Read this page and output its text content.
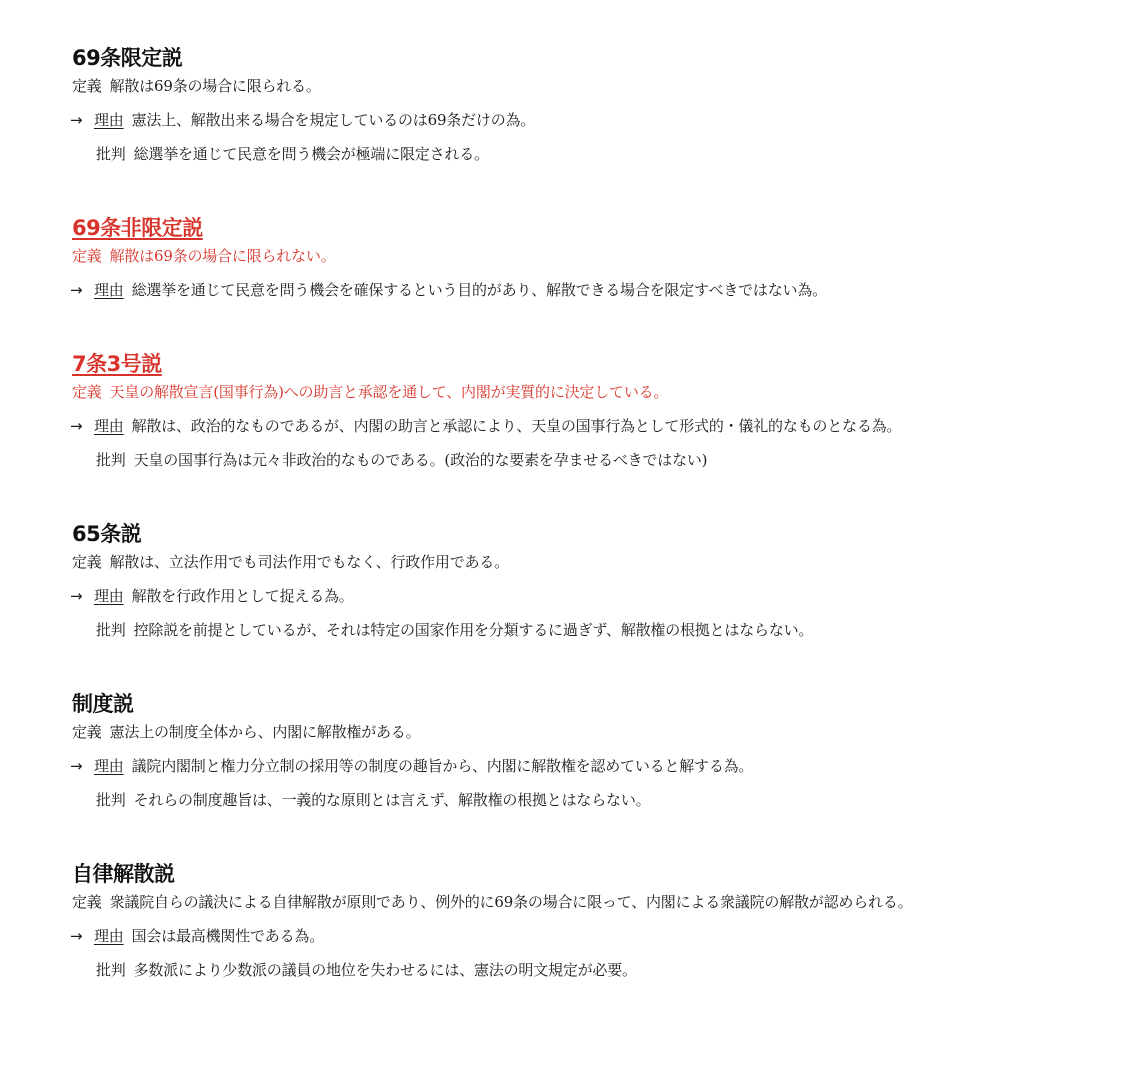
69条限定説
定義 解散は69条の場合に限られる。
→ 理由 憲法上、解散出来る場合を規定しているのは69条だけの為。
批判 総選挙を通じて民意を問う機会が極端に限定される。
69条非限定説
定義 解散は69条の場合に限られない。
→ 理由 総選挙を通じて民意を問う機会を確保するという目的があり、解散できる場合を限定すべきではない為。
7条3号説
定義 天皇の解散宣言(国事行為)への助言と承認を通して、内閣が実質的に決定している。
→ 理由 解散は、政治的なものであるが、内閣の助言と承認により、天皇の国事行為として形式的・儀礼的なものとなる為。
批判 天皇の国事行為は元々非政治的なものである。(政治的な要素を孕ませるべきではない)
65条説
定義 解散は、立法作用でも司法作用でもなく、行政作用である。
→ 理由 解散を行政作用として捉える為。
批判 控除説を前提としているが、それは特定の国家作用を分類するに過ぎず、解散権の根拠とはならない。
制度説
定義 憲法上の制度全体から、内閣に解散権がある。
→ 理由 議院内閣制と権力分立制の採用等の制度の趣旨から、内閣に解散権を認めていると解する為。
批判 それらの制度趣旨は、一義的な原則とは言えず、解散権の根拠とはならない。
自律解散説
定義 衆議院自らの議決による自律解散が原則であり、例外的に69条の場合に限って、内閣による衆議院の解散が認められる。
→ 理由 国会は最高機関性である為。
批判 多数派により少数派の議員の地位を失わせるには、憲法の明文規定が必要。
